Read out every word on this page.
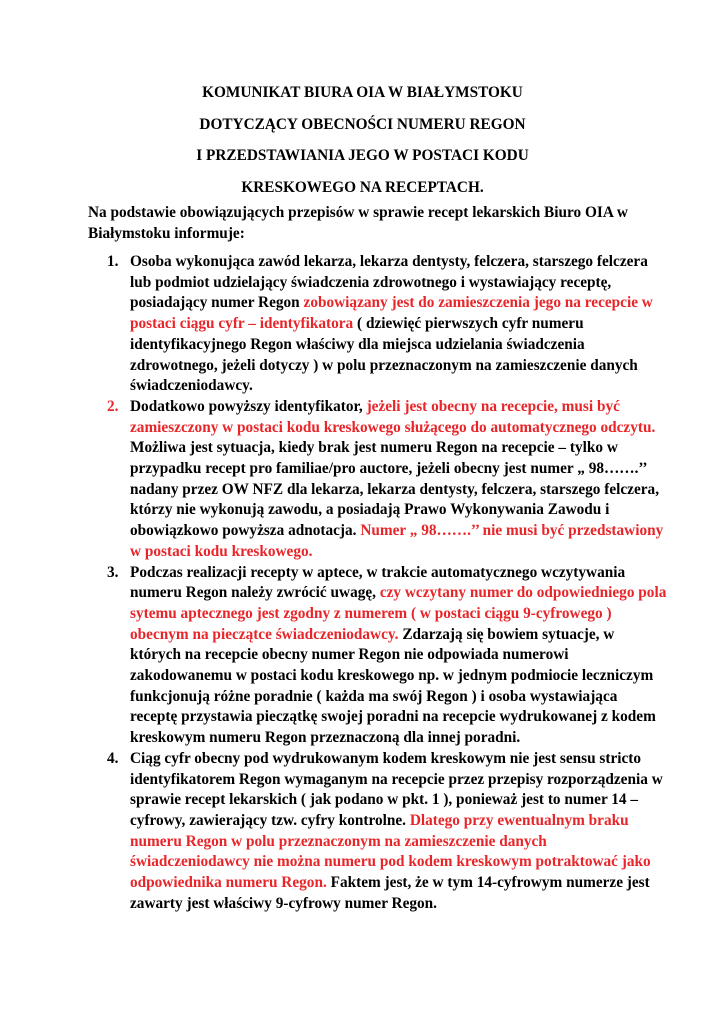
KOMUNIKAT BIURA OIA W BIAŁYMSTOKU
DOTYCZĄCY OBECNOŚCI NUMERU REGON
I PRZEDSTAWIANIA JEGO W POSTACI KODU
KRESKOWEGO NA RECEPTACH.
Na podstawie obowiązujących przepisów w sprawie recept lekarskich Biuro OIA w Białymstoku informuje:
1. Osoba wykonująca zawód lekarza, lekarza dentysty, felczera, starszego felczera lub podmiot udzielający świadczenia zdrowotnego i wystawiający receptę, posiadający numer Regon zobowiązany jest do zamieszczenia jego na recepcie w postaci ciągu cyfr – identyfikatora ( dziewięć pierwszych cyfr numeru identyfikacyjnego Regon właściwy dla miejsca udzielania świadczenia zdrowotnego, jeżeli dotyczy ) w polu przeznaczonym na zamieszczenie danych świadczeniodawcy.
2. Dodatkowo powyższy identyfikator, jeżeli jest obecny na recepcie, musi być zamieszczony w postaci kodu kreskowego służącego do automatycznego odczytu. Możliwa jest sytuacja, kiedy brak jest numeru Regon na recepcie – tylko w przypadku recept pro familiae/pro auctore, jeżeli obecny jest numer „ 98…….’’ nadany przez OW NFZ dla lekarza, lekarza dentysty, felczera, starszego felczera, którzy nie wykonują zawodu, a posiadają Prawo Wykonywania Zawodu i obowiązkowo powyższa adnotacja. Numer „ 98…….’’ nie musi być przedstawiony w postaci kodu kreskowego.
3. Podczas realizacji recepty w aptece, w trakcie automatycznego wczytywania numeru Regon należy zwrócić uwagę, czy wczytany numer do odpowiedniego pola sytemu aptecznego jest zgodny z numerem ( w postaci ciągu 9-cyfrowego ) obecnym na pieczątce świadczeniodawcy. Zdarzają się bowiem sytuacje, w których na recepcie obecny numer Regon nie odpowiada numerowi zakodowanemu w postaci kodu kreskowego np. w jednym podmiocie leczniczym funkcjonują różne poradnie ( każda ma swój Regon ) i osoba wystawiająca receptę przystawia pieczątkę swojej poradni na recepcie wydrukowanej z kodem kreskowym numeru Regon przeznaczoną dla innej poradni.
4. Ciąg cyfr obecny pod wydrukowanym kodem kreskowym nie jest sensu stricto identyfikatorem Regon wymaganym na recepcie przez przepisy rozporządzenia w sprawie recept lekarskich ( jak podano w pkt. 1 ), ponieważ jest to numer 14 – cyfrowy, zawierający tzw. cyfry kontrolne. Dlatego przy ewentualnym braku numeru Regon w polu przeznaczonym na zamieszczenie danych świadczeniodawcy nie można numeru pod kodem kreskowym potraktować jako odpowiednika numeru Regon. Faktem jest, że w tym 14-cyfrowym numerze jest zawarty jest właściwy 9-cyfrowy numer Regon.
